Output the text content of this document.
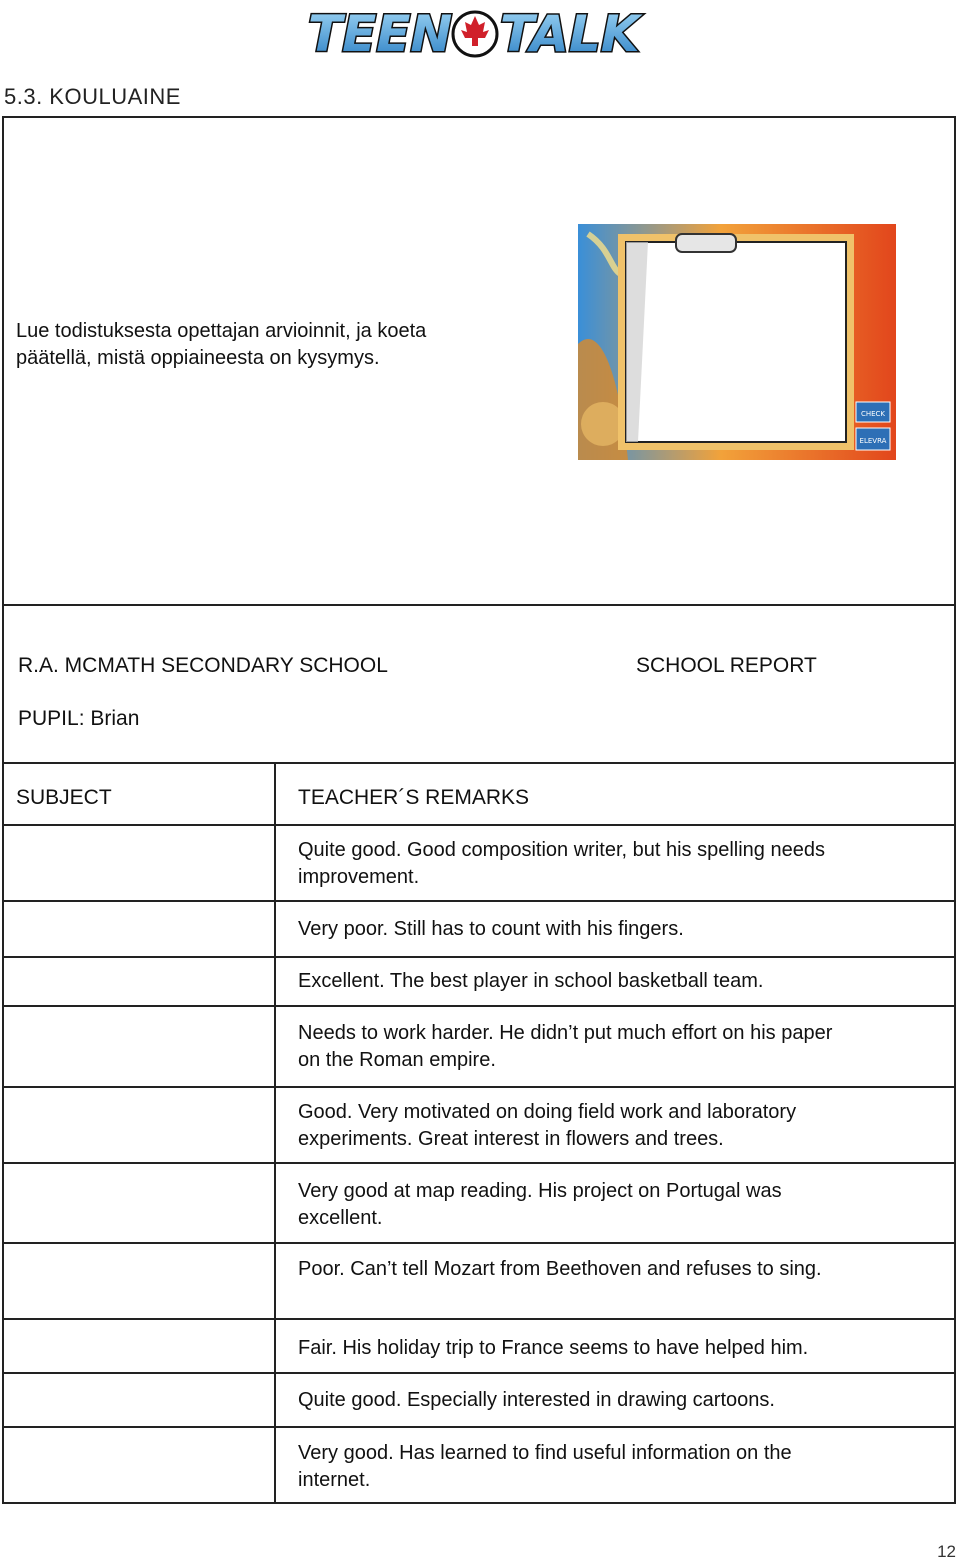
TEEN TALK
5.3. KOULUAINE
Lue todistuksesta opettajan arvioinnit, ja koeta päätellä, mistä oppiaineesta on kysymys.
CHECK
ELEVRA
R.A. MCMATH SECONDARY SCHOOL	SCHOOL REPORT
PUPIL: Brian
SUBJECT	TEACHER´S REMARKS
Quite good. Good composition writer, but his spelling needs improvement.
Very poor. Still has to count with his fingers.
Excellent. The best player in school basketball team.
Needs to work harder. He didn’t put much effort on his paper on the Roman empire.
Good. Very motivated on doing field work and laboratory experiments. Great interest in flowers and trees.
Very good at map reading. His project on Portugal was excellent.
Poor. Can’t tell Mozart from Beethoven and refuses to sing.
Fair. His holiday trip to France seems to have helped him.
Quite good. Especially interested in drawing cartoons.
Very good. Has learned to find useful information on the internet.
12
